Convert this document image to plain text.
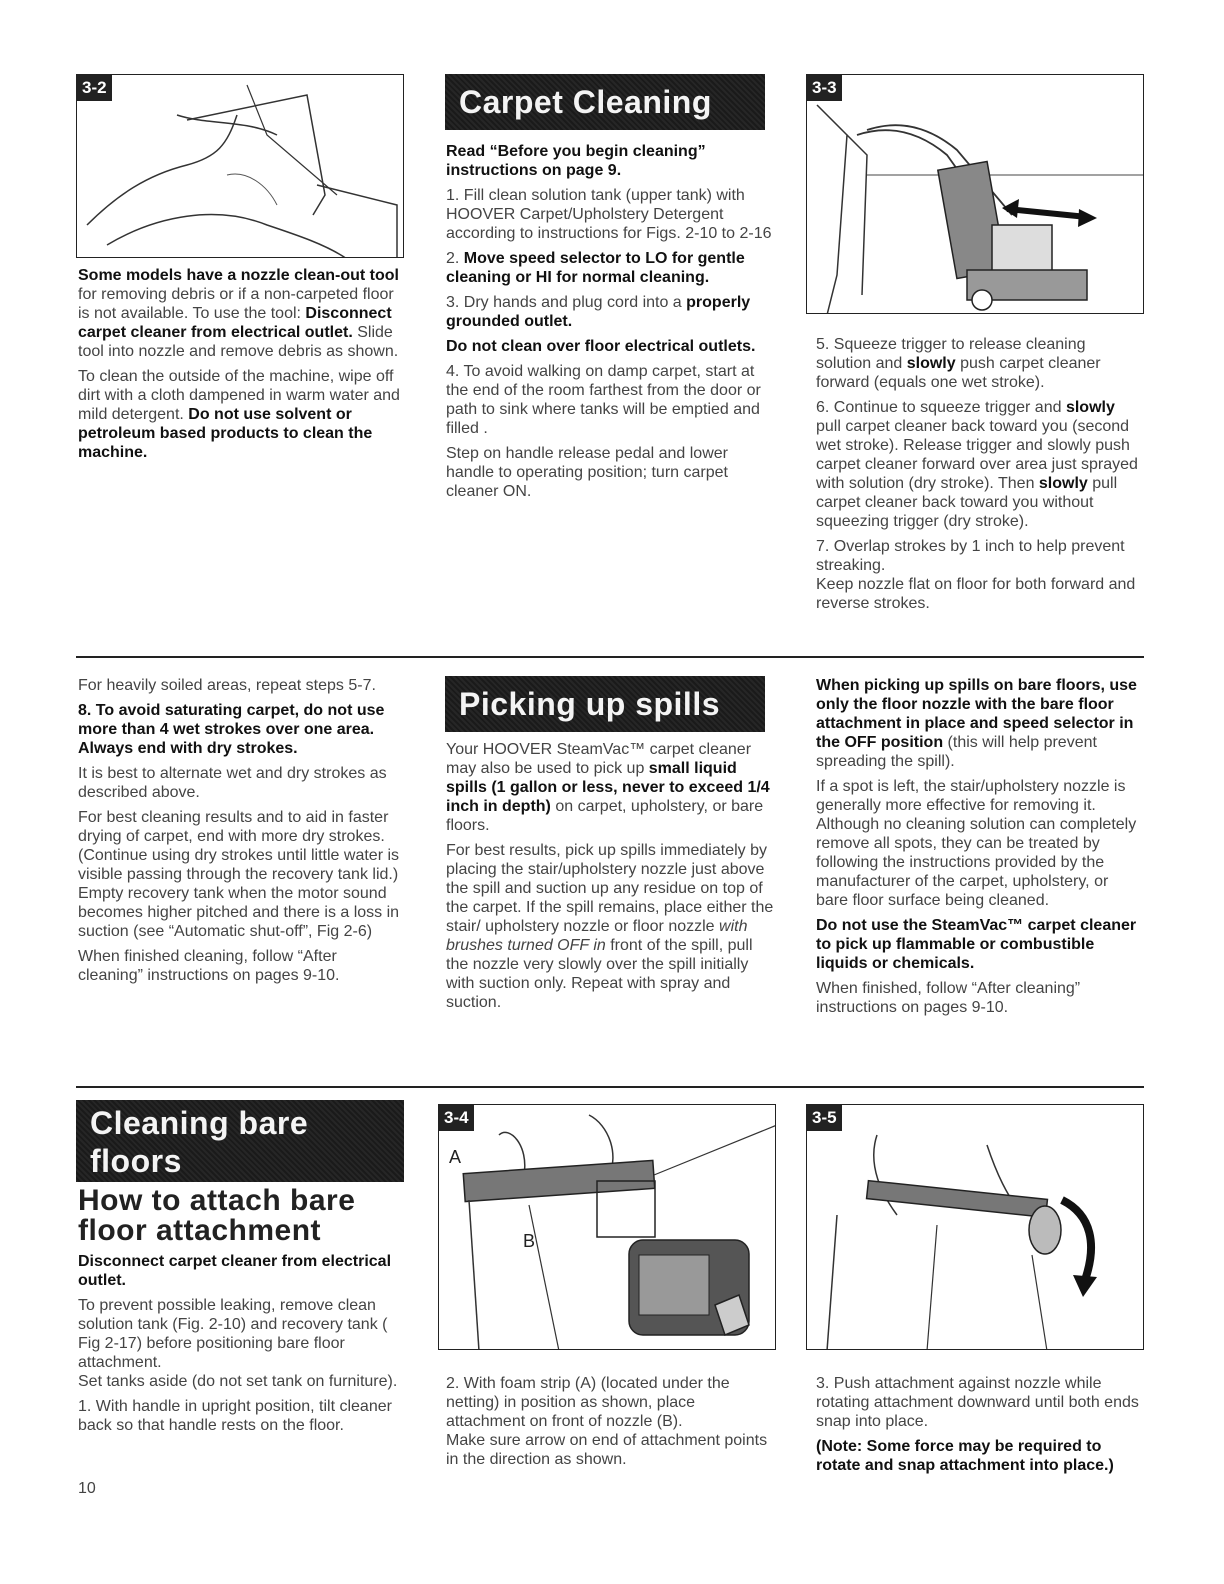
3-2

Some models have a nozzle clean-out tool for removing debris or if a non-carpeted floor is not available. To use the tool: Disconnect carpet cleaner from electrical outlet. Slide tool into nozzle and remove debris as shown.

To clean the outside of the machine, wipe off dirt with a cloth dampened in warm water and mild detergent. Do not use solvent or petroleum based products to clean the machine.

Carpet Cleaning

Read “Before you begin cleaning” instructions on page 9.

1. Fill clean solution tank (upper tank) with HOOVER Carpet/Upholstery Detergent according to instructions for Figs. 2-10 to 2-16

2. Move speed selector to LO for gentle cleaning or HI for normal cleaning.

3. Dry hands and plug cord into a properly grounded outlet.

Do not clean over floor electrical outlets.

4. To avoid walking on damp carpet, start at the end of the room farthest from the door or path to sink where tanks will be emptied and filled .

Step on handle release pedal and lower handle to operating position; turn carpet cleaner ON.

3-3

5. Squeeze trigger to release cleaning solution and slowly push carpet cleaner forward (equals one wet stroke).

6. Continue to squeeze trigger and slowly pull carpet cleaner back toward you (second wet stroke). Release trigger and slowly push carpet cleaner forward over area just sprayed with solution (dry stroke). Then slowly pull carpet cleaner back toward you without squeezing trigger (dry stroke).

7. Overlap strokes by 1 inch to help prevent streaking.
Keep nozzle flat on floor for both forward and reverse strokes.

For heavily soiled areas, repeat steps 5-7.

8. To avoid saturating carpet, do not use more than 4 wet strokes over one area. Always end with dry strokes.

It is best to alternate wet and dry strokes as described above.

For best cleaning results and to aid in faster drying of carpet, end with more dry strokes. (Continue using dry strokes until little water is visible passing through the recovery tank lid.)
Empty recovery tank when the motor sound becomes higher pitched and there is a loss in suction (see “Automatic shut-off”, Fig 2-6)

When finished cleaning, follow “After cleaning” instructions on pages 9-10.

Picking up spills

Your HOOVER SteamVac™ carpet cleaner may also be used to pick up small liquid spills (1 gallon or less, never to exceed 1/4 inch in depth) on carpet, upholstery, or bare floors.

For best results, pick up spills immediately by placing the stair/upholstery nozzle just above the spill and suction up any residue on top of the carpet. If the spill remains, place either the stair/ upholstery nozzle or floor nozzle with brushes turned OFF in front of the spill, pull the nozzle very slowly over the spill initially with suction only. Repeat with spray and suction.

When picking up spills on bare floors, use only the floor nozzle with the bare floor attachment in place and speed selector in the OFF position (this will help prevent spreading the spill).

If a spot is left, the stair/upholstery nozzle is generally more effective for removing it. Although no cleaning solution can completely remove all spots, they can be treated by following the instructions provided by the manufacturer of the carpet, upholstery, or bare floor surface being cleaned.

Do not use the SteamVac™ carpet cleaner to pick up flammable or combustible liquids or chemicals.

When finished, follow “After cleaning” instructions on pages 9-10.

Cleaning bare
floors
How to attach bare
floor attachment

Disconnect carpet cleaner from electrical outlet.

To prevent possible leaking, remove clean solution tank (Fig. 2-10) and recovery tank ( Fig 2-17) before positioning bare floor attachment.
Set tanks aside (do not set tank on furniture).

1. With handle in upright position, tilt cleaner back so that handle rests on the floor.

10
3-4
A
B

2. With foam strip (A) (located under the netting) in position as shown, place attachment on front of nozzle (B).
Make sure arrow on end of attachment points in the direction as shown.

3-5

3. Push attachment against nozzle while rotating attachment downward until both ends snap into place.

(Note: Some force may be required to rotate and snap attachment into place.)
